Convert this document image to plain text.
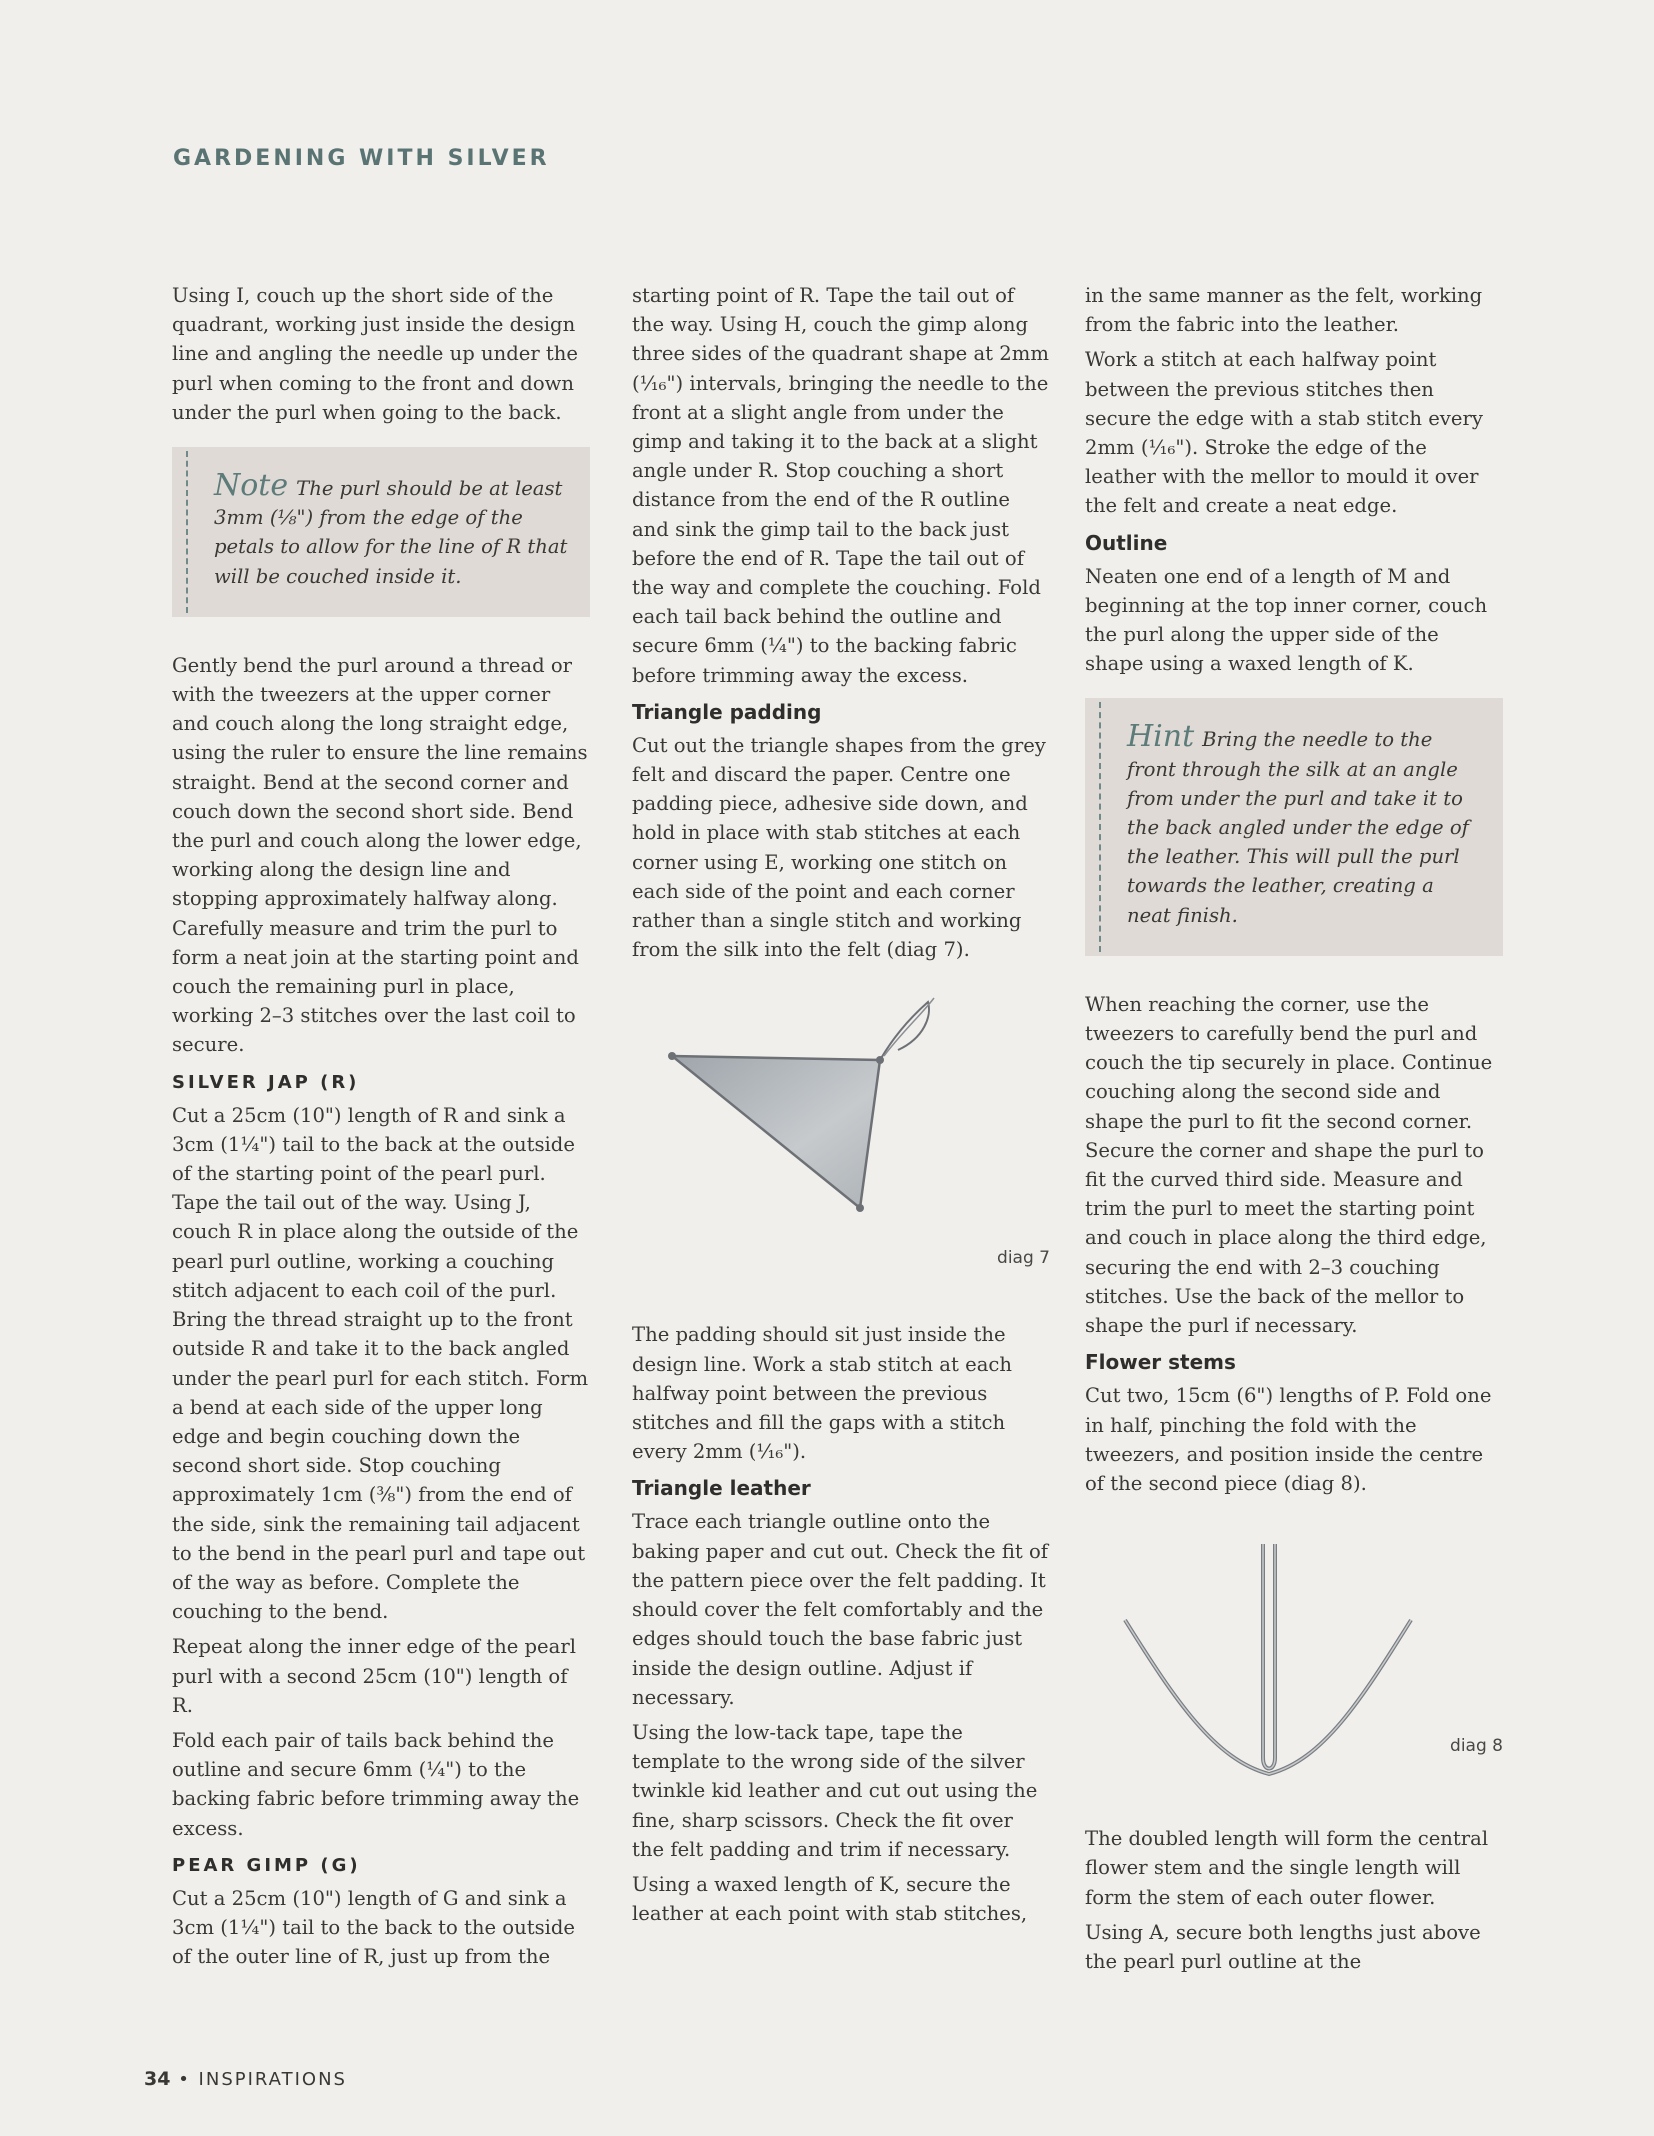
GARDENING WITH SILVER

Using I, couch up the short side of the quadrant, working just inside the design line and angling the needle up under the purl when coming to the front and down under the purl when going to the back.

Note The purl should be at least 3mm (⅛") from the edge of the petals to allow for the line of R that will be couched inside it.

Gently bend the purl around a thread or with the tweezers at the upper corner and couch along the long straight edge, using the ruler to ensure the line remains straight. Bend at the second corner and couch down the second short side. Bend the purl and couch along the lower edge, working along the design line and stopping approximately halfway along. Carefully measure and trim the purl to form a neat join at the starting point and couch the remaining purl in place, working 2–3 stitches over the last coil to secure.

SILVER JAP (R)

Cut a 25cm (10") length of R and sink a 3cm (1¼") tail to the back at the outside of the starting point of the pearl purl. Tape the tail out of the way. Using J, couch R in place along the outside of the pearl purl outline, working a couching stitch adjacent to each coil of the purl. Bring the thread straight up to the front outside R and take it to the back angled under the pearl purl for each stitch. Form a bend at each side of the upper long edge and begin couching down the second short side. Stop couching approximately 1cm (⅜") from the end of the side, sink the remaining tail adjacent to the bend in the pearl purl and tape out of the way as before. Complete the couching to the bend.

Repeat along the inner edge of the pearl purl with a second 25cm (10") length of R.

Fold each pair of tails back behind the outline and secure 6mm (¼") to the backing fabric before trimming away the excess.

PEAR GIMP (G)

Cut a 25cm (10") length of G and sink a 3cm (1¼") tail to the back to the outside of the outer line of R, just up from the

starting point of R. Tape the tail out of the way. Using H, couch the gimp along three sides of the quadrant shape at 2mm (¹⁄₁₆") intervals, bringing the needle to the front at a slight angle from under the gimp and taking it to the back at a slight angle under R. Stop couching a short distance from the end of the R outline and sink the gimp tail to the back just before the end of R. Tape the tail out of the way and complete the couching. Fold each tail back behind the outline and secure 6mm (¼") to the backing fabric before trimming away the excess.

Triangle padding

Cut out the triangle shapes from the grey felt and discard the paper. Centre one padding piece, adhesive side down, and hold in place with stab stitches at each corner using E, working one stitch on each side of the point and each corner rather than a single stitch and working from the silk into the felt (diag 7).

diag 7

The padding should sit just inside the design line. Work a stab stitch at each halfway point between the previous stitches and fill the gaps with a stitch every 2mm (¹⁄₁₆").

Triangle leather

Trace each triangle outline onto the baking paper and cut out. Check the fit of the pattern piece over the felt padding. It should cover the felt comfortably and the edges should touch the base fabric just inside the design outline. Adjust if necessary.

Using the low-tack tape, tape the template to the wrong side of the silver twinkle kid leather and cut out using the fine, sharp scissors. Check the fit over the felt padding and trim if necessary.

Using a waxed length of K, secure the leather at each point with stab stitches,

in the same manner as the felt, working from the fabric into the leather.

Work a stitch at each halfway point between the previous stitches then secure the edge with a stab stitch every 2mm (¹⁄₁₆"). Stroke the edge of the leather with the mellor to mould it over the felt and create a neat edge.

Outline

Neaten one end of a length of M and beginning at the top inner corner, couch the purl along the upper side of the shape using a waxed length of K.

Hint Bring the needle to the front through the silk at an angle from under the purl and take it to the back angled under the edge of the leather. This will pull the purl towards the leather, creating a neat finish.

When reaching the corner, use the tweezers to carefully bend the purl and couch the tip securely in place. Continue couching along the second side and shape the purl to fit the second corner. Secure the corner and shape the purl to fit the curved third side. Measure and trim the purl to meet the starting point and couch in place along the third edge, securing the end with 2–3 couching stitches. Use the back of the mellor to shape the purl if necessary.

Flower stems

Cut two, 15cm (6") lengths of P. Fold one in half, pinching the fold with the tweezers, and position inside the centre of the second piece (diag 8).

diag 8

The doubled length will form the central flower stem and the single length will form the stem of each outer flower.

Using A, secure both lengths just above the pearl purl outline at the

34 • INSPIRATIONS
